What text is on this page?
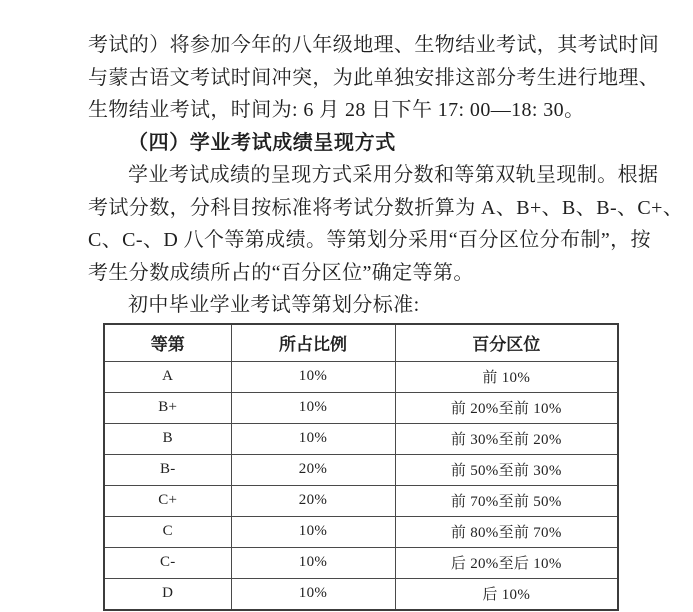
考试的）将参加今年的八年级地理、生物结业考试，其考试时间
与蒙古语文考试时间冲突，为此单独安排这部分考生进行地理、
生物结业考试，时间为: 6 月 28 日下午 17: 00—18: 30。
（四）学业考试成绩呈现方式
学业考试成绩的呈现方式采用分数和等第双轨呈现制。根据
考试分数，分科目按标准将考试分数折算为 A、B+、B、B-、C+、
C、C-、D 八个等第成绩。等第划分采用“百分区位分布制”，按
考生分数成绩所占的“百分区位”确定等第。
初中毕业学业考试等第划分标准:
等第	所占比例	百分区位
A	10%	前 10%
B+	10%	前 20%至前 10%
B	10%	前 30%至前 20%
B-	20%	前 50%至前 30%
C+	20%	前 70%至前 50%
C	10%	前 80%至前 70%
C-	10%	后 20%至后 10%
D	10%	后 10%
